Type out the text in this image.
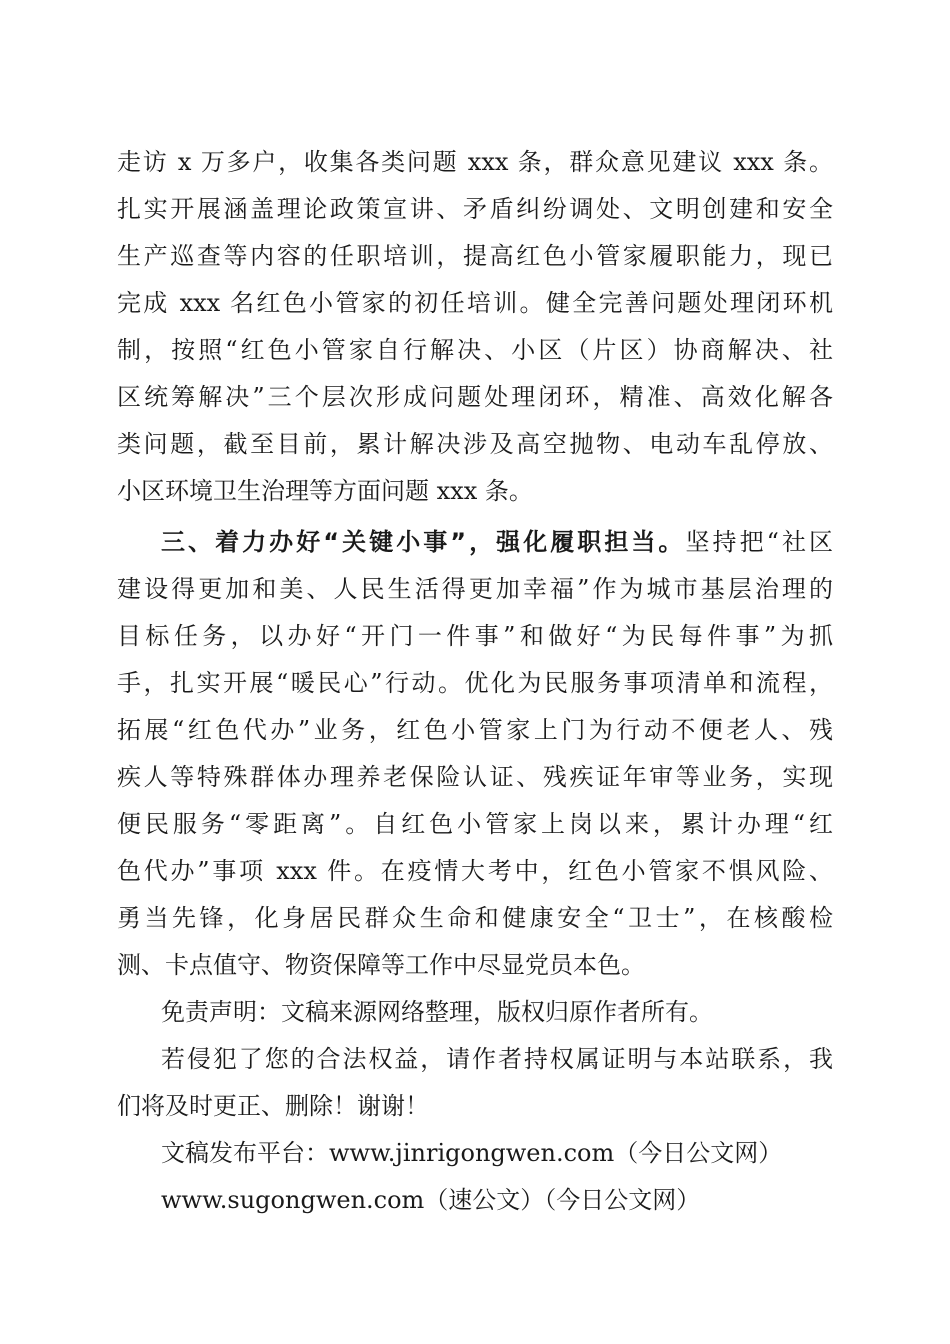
走访 x 万多户，收集各类问题 xxx 条，群众意见建议 xxx 条。
扎实开展涵盖理论政策宣讲、矛盾纠纷调处、文明创建和安全
生产巡查等内容的任职培训，提高红色小管家履职能力，现已
完成 xxx 名红色小管家的初任培训。健全完善问题处理闭环机
制，按照“红色小管家自行解决、小区（片区）协商解决、社
区统筹解决”三个层次形成问题处理闭环，精准、高效化解各
类问题，截至目前，累计解决涉及高空抛物、电动车乱停放、
小区环境卫生治理等方面问题 xxx 条。
三、着力办好“关键小事”，强化履职担当。坚持把“社区
建设得更加和美、人民生活得更加幸福”作为城市基层治理的
目标任务，以办好“开门一件事”和做好“为民每件事”为抓
手，扎实开展“暖民心”行动。优化为民服务事项清单和流程，
拓展“红色代办”业务，红色小管家上门为行动不便老人、残
疾人等特殊群体办理养老保险认证、残疾证年审等业务，实现
便民服务“零距离”。自红色小管家上岗以来，累计办理“红
色代办”事项 xxx 件。在疫情大考中，红色小管家不惧风险、
勇当先锋，化身居民群众生命和健康安全“卫士”，在核酸检
测、卡点值守、物资保障等工作中尽显党员本色。
免责声明：文稿来源网络整理，版权归原作者所有。
若侵犯了您的合法权益，请作者持权属证明与本站联系，我
们将及时更正、删除！谢谢！
文稿发布平台：www.jinrigongwen.com（今日公文网）
www.sugongwen.com（速公文）（今日公文网）
